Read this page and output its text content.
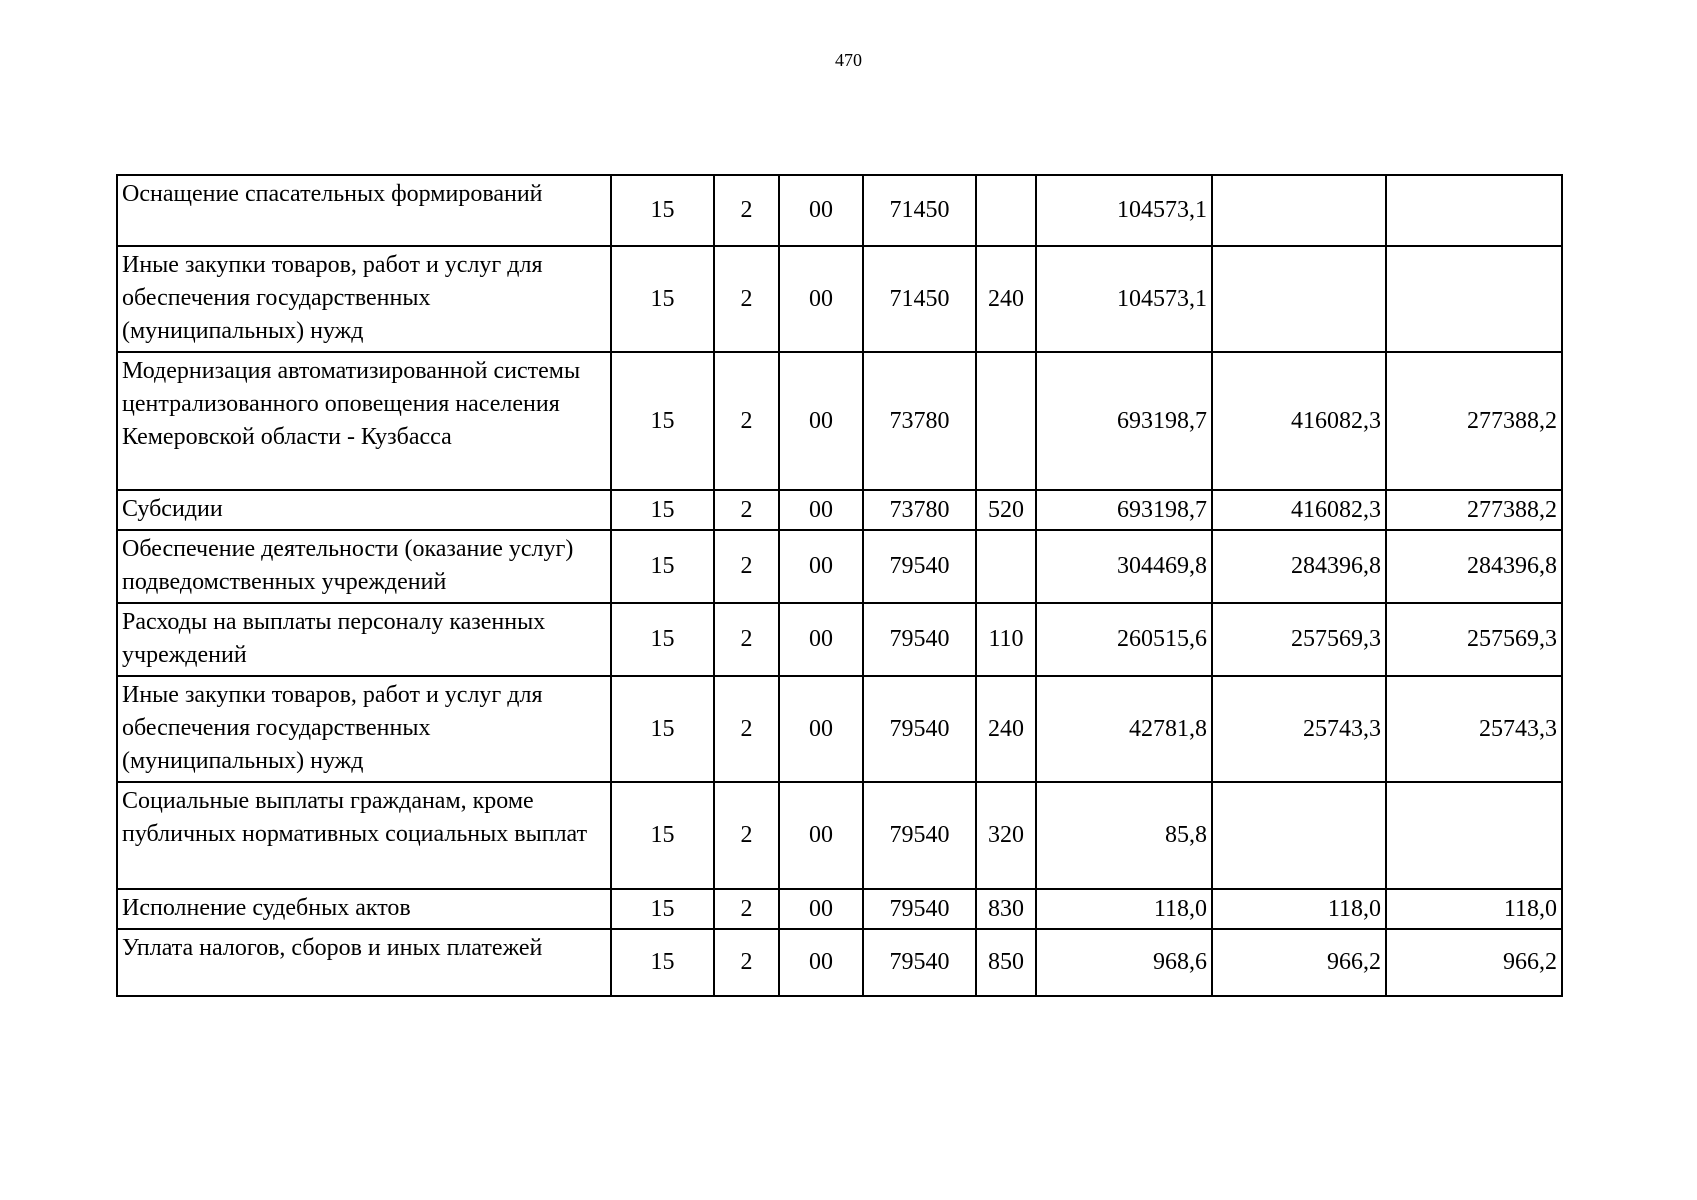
470
Оснащение спасательных формирований	15	2	00	71450		104573,1		
Иные закупки товаров, работ и услуг для обеспечения государственных (муниципальных) нужд	15	2	00	71450	240	104573,1		
Модернизация автоматизированной системы централизованного оповещения населения Кемеровской области - Кузбасса	15	2	00	73780		693198,7	416082,3	277388,2
Субсидии	15	2	00	73780	520	693198,7	416082,3	277388,2
Обеспечение деятельности (оказание услуг) подведомственных учреждений	15	2	00	79540		304469,8	284396,8	284396,8
Расходы на выплаты персоналу казенных учреждений	15	2	00	79540	110	260515,6	257569,3	257569,3
Иные закупки товаров, работ и услуг для обеспечения государственных (муниципальных) нужд	15	2	00	79540	240	42781,8	25743,3	25743,3
Социальные выплаты гражданам, кроме публичных нормативных социальных выплат	15	2	00	79540	320	85,8		
Исполнение судебных актов	15	2	00	79540	830	118,0	118,0	118,0
Уплата налогов, сборов и иных платежей	15	2	00	79540	850	968,6	966,2	966,2
